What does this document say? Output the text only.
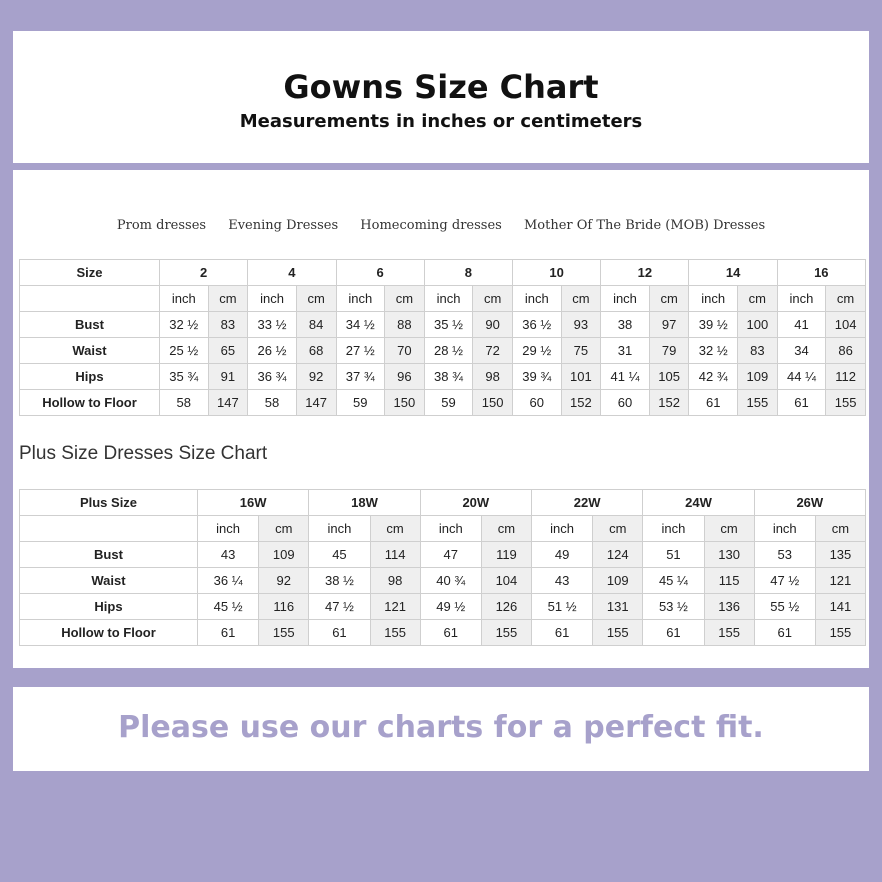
Gowns Size Chart

Measurements in inches or centimeters

Prom dresses Evening Dresses Homecoming dresses Mother Of The Bride (MOB) Dresses
Size	2		4		6		8		10		12		14		16	
	inch	cm	inch	cm	inch	cm	inch	cm	inch	cm	inch	cm	inch	cm	inch	cm
Bust	32 ½	83	33 ½	84	34 ½	88	35 ½	90	36 ½	93	38	97	39 ½	100	41	104
Waist	25 ½	65	26 ½	68	27 ½	70	28 ½	72	29 ½	75	31	79	32 ½	83	34	86
Hips	35 ¾	91	36 ¾	92	37 ¾	96	38 ¾	98	39 ¾	101	41 ¼	105	42 ¾	109	44 ¼	112
Hollow to Floor	58	147	58	147	59	150	59	150	60	152	60	152	61	155	61	155
Plus Size Dresses Size Chart
Plus Size	16W		18W		20W		22W		24W		26W	
	inch	cm	inch	cm	inch	cm	inch	cm	inch	cm	inch	cm
Bust	43	109	45	114	47	119	49	124	51	130	53	135
Waist	36 ¼	92	38 ½	98	40 ¾	104	43	109	45 ¼	115	47 ½	121
Hips	45 ½	116	47 ½	121	49 ½	126	51 ½	131	53 ½	136	55 ½	141
Hollow to Floor	61	155	61	155	61	155	61	155	61	155	61	155

Please use our charts for a perfect fit.
